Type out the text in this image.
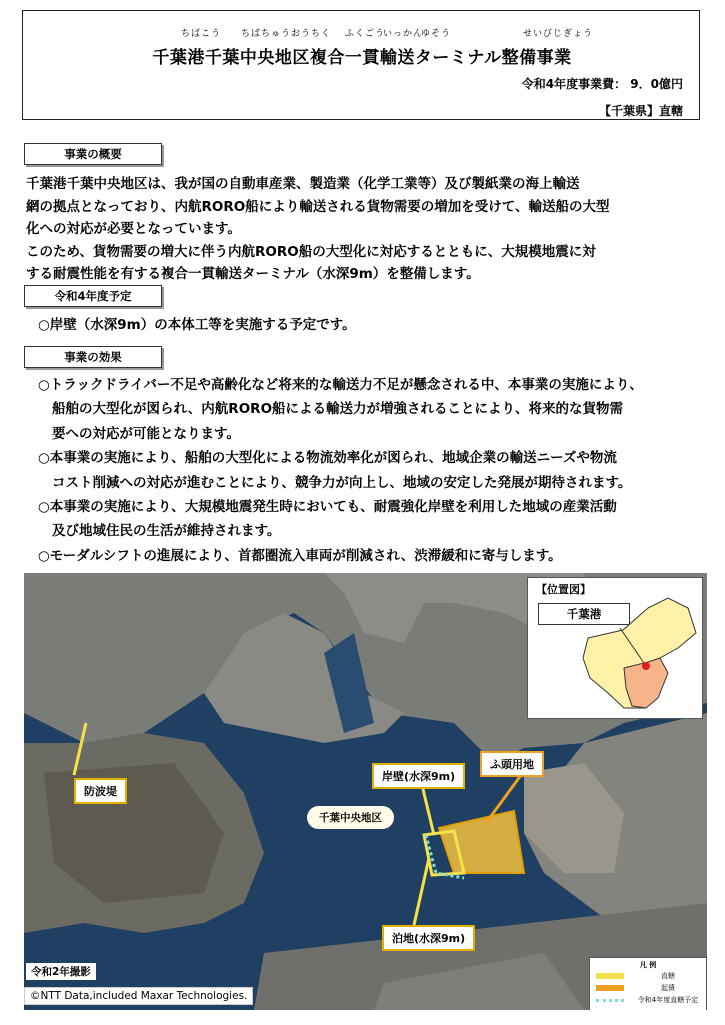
ちばこう ちばちゅうおうちく ふくごう
いっかん
ゆそう	せいびじぎょう
千葉港千葉中央地区複合一貫輸送ターミナル整備事業
令和4年度事業費： 9．0億円
【千葉県】直轄
事業の概要
千葉港千葉中央地区は、我が国の自動車産業、製造業（化学工業等）及び製紙業の海上輸送
網の拠点となっており、内航RORO船により輸送される貨物需要の増加を受けて、輸送船の大型
化への対応が必要となっています。
このため、貨物需要の増大に伴う内航RORO船の大型化に対応するとともに、大規模地震に対
する耐震性能を有する複合一貫輸送ターミナル（水深9m）を整備します。
令和4年度予定
○岸壁（水深9m）の本体工等を実施する予定です。
事業の効果
○トラックドライバー不足や高齢化など将来的な輸送力不足が懸念される中、本事業の実施により、
船舶の大型化が図られ、内航RORO船による輸送力が増強されることにより、将来的な貨物需
要への対応が可能となります。
○本事業の実施により、船舶の大型化による物流効率化が図られ、地域企業の輸送ニーズや物流
コスト削減への対応が進むことにより、競争力が向上し、地域の安定した発展が期待されます。
○本事業の実施により、大規模地震発生時においても、耐震強化岸壁を利用した地域の産業活動
及び地域住民の生活が維持されます。
○モーダルシフトの進展により、首都圏流入車両が削減され、渋滞緩和に寄与します。
防波堤
岸壁(水深9m)
ふ頭用地
泊地(水深9m)
千葉中央地区
【位置図】
千葉港
令和2年撮影
©NTT Data,included Maxar Technologies.
凡 例
直轄
起債
令和4年度直轄予定
